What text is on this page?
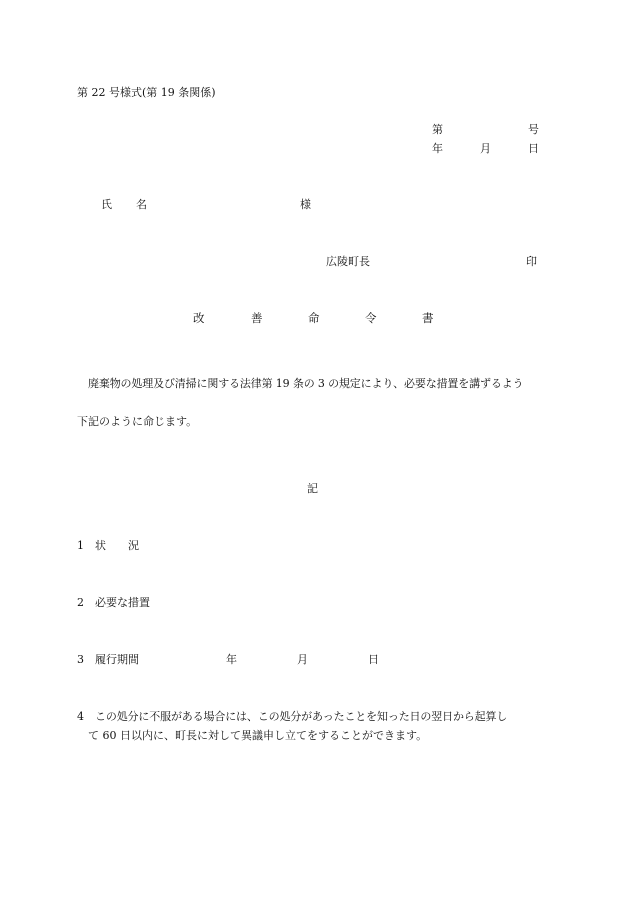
第 22 号様式(第 19 条関係)
第	号
年	月	日
氏 名	様
広陵町長	印
改	善	命	令	書
廃棄物の処理及び清掃に関する法律第 19 条の 3 の規定により、必要な措置を講ずるよう
下記のように命じます。
記
1 状 況
2 必要な措置
3 履行期間	年	月	日
4 この処分に不服がある場合には、この処分があったことを知った日の翌日から起算し
て 60 日以内に、町長に対して異議申し立てをすることができます。
